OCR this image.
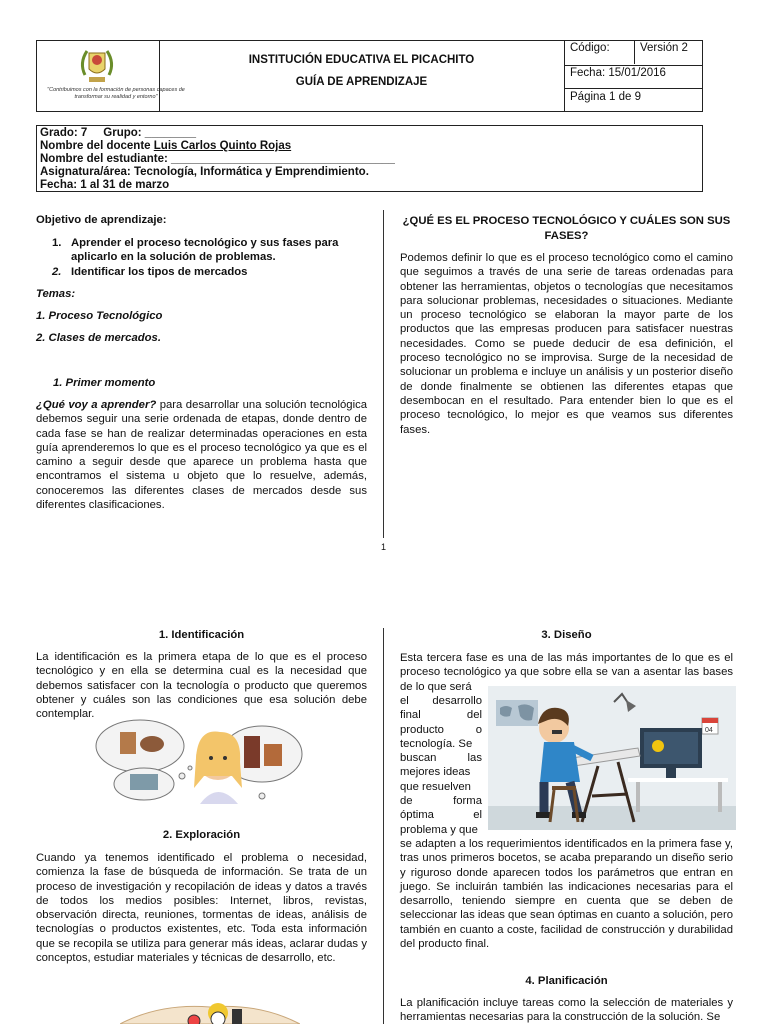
"Contribuimos con la formación de personas capaces de transformar su realidad y entorno"
INSTITUCIÓN EDUCATIVA EL PICACHITO
GUÍA DE APRENDIZAJE
Código:	Versión 2
Fecha: 15/01/2016
Página 1 de 9
Grado: 7 Grupo: ________
Nombre del docente Luis Carlos Quinto Rojas
Nombre del estudiante: ___________________________________
Asignatura/área: Tecnología, Informática y Emprendimiento.
Fecha: 1 al 31 de marzo
Objetivo de aprendizaje:
1. Aprender el proceso tecnológico y sus fases para aplicarlo en la solución de problemas.
2. Identificar los tipos de mercados
Temas:
1. Proceso Tecnológico
2. Clases de mercados.
1. Primer momento
¿Qué voy a aprender? para desarrollar una solución tecnológica debemos seguir una serie ordenada de etapas, donde dentro de cada fase se han de realizar determinadas operaciones en esta guía aprenderemos lo que es el proceso tecnológico ya que es el camino a seguir desde que aparece un problema hasta que encontramos el sistema u objeto que lo resuelve, además, conoceremos las diferentes clases de mercados desde sus diferentes clasificaciones.
¿QUÉ ES EL PROCESO TECNOLÓGICO Y CUÁLES SON SUS FASES?
Podemos definir lo que es el proceso tecnológico como el camino que seguimos a través de una serie de tareas ordenadas para obtener las herramientas, objetos o tecnologías que necesitamos para solucionar problemas, necesidades o situaciones. Mediante un proceso tecnológico se elaboran la mayor parte de los productos que las empresas producen para satisfacer nuestras necesidades. Como se puede deducir de esa definición, el proceso tecnológico no se improvisa. Surge de la necesidad de solucionar un problema e incluye un análisis y un posterior diseño de donde finalmente se obtienen las diferentes etapas que desembocan en el resultado. Para entender bien lo que es el proceso tecnológico, lo mejor es que veamos sus diferentes fases.
1
1. Identificación
La identificación es la primera etapa de lo que es el proceso tecnológico y en ella se determina cual es la necesidad que debemos satisfacer con la tecnología o producto que queremos obtener y cuáles son las condiciones que esa solución debe contemplar.
2. Exploración
Cuando ya tenemos identificado el problema o necesidad, comienza la fase de búsqueda de información. Se trata de un proceso de investigación y recopilación de ideas y datos a través de todos los medios posibles: Internet, libros, revistas, observación directa, reuniones, tormentas de ideas, análisis de tecnologías o productos existentes, etc. Toda esta información que se recopila se utiliza para generar más ideas, aclarar dudas y conceptos, estudiar materiales y técnicas de desarrollo, etc.
3. Diseño
Esta tercera fase es una de las más importantes de lo que es el proceso tecnológico ya que sobre ella se van a asentar las bases de lo que será
el	desarrollo
final	del
producto	o
tecnología. Se
buscan	las
mejores ideas
que resuelven
de	forma
óptima	el
problema y que
04
se adapten a los requerimientos identificados en la primera fase y, tras unos primeros bocetos, se acaba preparando un diseño serio y riguroso donde aparecen todos los parámetros que entran en juego. Se incluirán también las indicaciones necesarias para el desarrollo, teniendo siempre en cuenta que se deben de seleccionar las ideas que sean óptimas en cuanto a solución, pero también en cuanto a coste, facilidad de construcción y durabilidad del producto final.
4. Planificación
La planificación incluye tareas como la selección de materiales y herramientas necesarias para la construcción de la solución. Se
